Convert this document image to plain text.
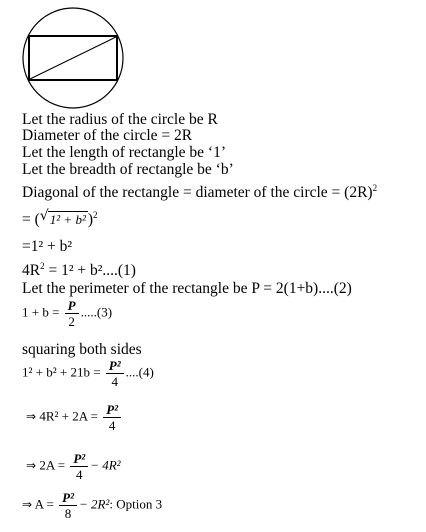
Let the radius of the circle be R
Diameter of the circle = 2R
Let the length of rectangle be ‘1’
Let the breadth of rectangle be ‘b’
Diagonal of the rectangle = diameter of the circle = $(2R)^2$
= ( √ 1² + b² )$^2$
=1² + b²
$4R^2 = 1^2 + b^2....(1)$
Let the perimeter of the rectangle be P = 2(1+b)....(2)
$1 + b = \frac{P}{2} .....(3)$
squaring both sides
$1^2 + b^2 + 21b = \frac{\text{P²}}{4} ....(4)$
⇒ $4R^2 + 2A = \frac{\text{P²}}{4}$
⇒ $2A = \frac{\text{P²}}{4} - 4R^2$
⇒ $A = \frac{\text{P²}}{8} - 2R^2$: Option 3
